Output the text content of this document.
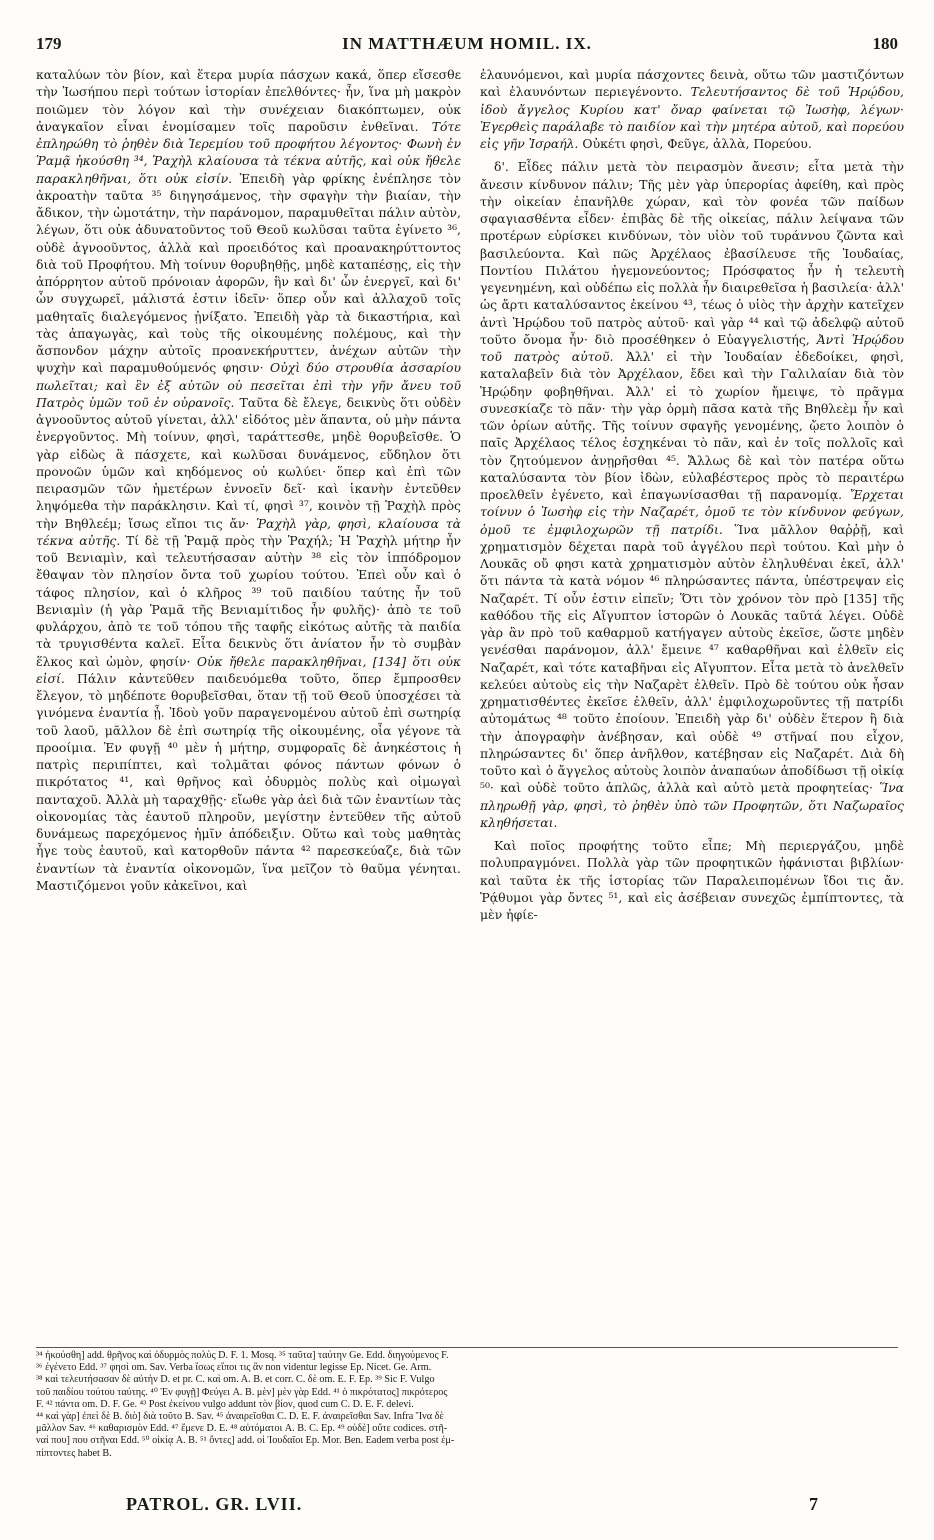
179	IN MATTHÆUM HOMIL. IX.	180

καταλύων τὸν βίον, καὶ ἕτερα μυρία πάσχων κακά, ὅπερ εἴσεσθε τὴν Ἰωσήπου περὶ τούτων ἱστορίαν ἐπελθόντες· ἦν, ἵνα μὴ μακρὸν ποιῶμεν τὸν λόγον καὶ τὴν συνέχειαν διακόπτωμεν, οὐκ ἀναγκαῖον εἶναι ἐνομίσαμεν τοῖς παροῦσιν ἐνθεῖναι. Τότε ἐπληρώθη τὸ ῥηθὲν διὰ Ἱερεμίου τοῦ προφήτου λέγοντος· Φωνὴ ἐν Ῥαμᾷ ἠκούσθη ³⁴, Ῥαχὴλ κλαίουσα τὰ τέκνα αὐτῆς, καὶ οὐκ ἤθελε παρακληθῆναι, ὅτι οὐκ εἰσίν. Ἐπειδὴ γὰρ φρίκης ἐνέπλησε τὸν ἀκροατὴν ταῦτα ³⁵ διηγησάμενος, τὴν σφαγὴν τὴν βιαίαν, τὴν ἄδικον, τὴν ὠμοτάτην, τὴν παράνομον, παραμυθεῖται πάλιν αὐτὸν, λέγων, ὅτι οὐκ ἀδυνατοῦντος τοῦ Θεοῦ κωλῦσαι ταῦτα ἐγίνετο ³⁶, οὐδὲ ἀγνοοῦντος, ἀλλὰ καὶ προειδότος καὶ προανακηρύττοντος διὰ τοῦ Προφήτου. Μὴ τοίνυν θορυβηθῇς, μηδὲ καταπέσῃς, εἰς τὴν ἀπόρρητον αὐτοῦ πρόνοιαν ἀφορῶν, ἣν καὶ δι' ὧν ἐνεργεῖ, καὶ δι' ὧν συγχωρεῖ, μάλιστά ἐστιν ἰδεῖν· ὅπερ οὖν καὶ ἀλλαχοῦ τοῖς μαθηταῖς διαλεγόμενος ᾐνίξατο. Ἐπειδὴ γὰρ τὰ δικαστήρια, καὶ τὰς ἀπαγωγὰς, καὶ τοὺς τῆς οἰκουμένης πολέμους, καὶ τὴν ἄσπονδον μάχην αὐτοῖς προανεκήρυττεν, ἀνέχων αὐτῶν τὴν ψυχὴν καὶ παραμυθούμενός φησιν· Οὐχὶ δύο στρουθία ἀσσαρίου πωλεῖται; καὶ ἓν ἐξ αὐτῶν οὐ πεσεῖται ἐπὶ τὴν γῆν ἄνευ τοῦ Πατρὸς ὑμῶν τοῦ ἐν οὐρανοῖς. Ταῦτα δὲ ἔλεγε, δεικνὺς ὅτι οὐδὲν ἀγνοοῦντος αὐτοῦ γίνεται, ἀλλ' εἰδότος μὲν ἅπαντα, οὐ μὴν πάντα ἐνεργοῦντος. Μὴ τοίνυν, φησὶ, ταράττεσθε, μηδὲ θορυβεῖσθε. Ὁ γὰρ εἰδὼς ἃ πάσχετε, καὶ κωλῦσαι δυνάμενος, εὔδηλον ὅτι προνοῶν ὑμῶν καὶ κηδόμενος οὐ κωλύει· ὅπερ καὶ ἐπὶ τῶν πειρασμῶν τῶν ἡμετέρων ἐννοεῖν δεῖ· καὶ ἱκανὴν ἐντεῦθεν ληψόμεθα τὴν παράκλησιν. Καὶ τί, φησὶ ³⁷, κοινὸν τῇ Ῥαχὴλ πρὸς τὴν Βηθλεέμ; ἴσως εἴποι τις ἄν· Ῥαχὴλ γὰρ, φησὶ, κλαίουσα τὰ τέκνα αὐτῆς. Τί δὲ τῇ Ῥαμᾷ πρὸς τὴν Ῥαχήλ; Ἡ Ῥαχὴλ μήτηρ ἦν τοῦ Βενιαμὶν, καὶ τελευτήσασαν αὐτὴν ³⁸ εἰς τὸν ἱππόδρομον ἔθαψαν τὸν πλησίον ὄντα τοῦ χωρίου τούτου. Ἐπεὶ οὖν καὶ ὁ τάφος πλησίον, καὶ ὁ κλῆρος ³⁹ τοῦ παιδίου ταύτης ἦν τοῦ Βενιαμὶν (ἡ γὰρ Ῥαμᾶ τῆς Βενιαμίτιδος ἦν φυλῆς)· ἀπὸ τε τοῦ φυλάρχου, ἀπὸ τε τοῦ τόπου τῆς ταφῆς εἰκότως αὐτῆς τὰ παιδία τὰ τρυγισθέντα καλεῖ. Εἶτα δεικνὺς ὅτι ἀνίατον ἦν τὸ συμβὰν ἕλκος καὶ ὠμὸν, φησίν· Οὐκ ἤθελε παρακληθῆναι, [134] ὅτι οὐκ εἰσί. Πάλιν κἀντεῦθεν παιδευόμεθα τοῦτο, ὅπερ ἔμπροσθεν ἔλεγον, τὸ μηδέποτε θορυβεῖσθαι, ὅταν τῇ τοῦ Θεοῦ ὑποσχέσει τὰ γινόμενα ἐναντία ᾖ. Ἰδοὺ γοῦν παραγενομένου αὐτοῦ ἐπὶ σωτηρίᾳ τοῦ λαοῦ, μᾶλλον δὲ ἐπὶ σωτηρίᾳ τῆς οἰκουμένης, οἷα γέγονε τὰ προοίμια. Ἐν φυγῇ ⁴⁰ μὲν ἡ μήτηρ, συμφοραῖς δὲ ἀνηκέστοις ἡ πατρὶς περιπίπτει, καὶ τολμᾶται φόνος πάντων φόνων ὁ πικρότατος ⁴¹, καὶ θρῆνος καὶ ὀδυρμὸς πολὺς καὶ οἰμωγαὶ πανταχοῦ. Ἀλλὰ μὴ ταραχθῇς· εἴωθε γὰρ ἀεὶ διὰ τῶν ἐναντίων τὰς οἰκονομίας τὰς ἑαυτοῦ πληροῦν, μεγίστην ἐντεῦθεν τῆς αὐτοῦ δυνάμεως παρεχόμενος ἡμῖν ἀπόδειξιν. Οὕτω καὶ τοὺς μαθητὰς ἦγε τοὺς ἑαυτοῦ, καὶ κατορθοῦν πάντα ⁴² παρεσκεύαζε, διὰ τῶν ἐναντίων τὰ ἐναντία οἰκονομῶν, ἵνα μεῖζον τὸ θαῦμα γένηται. Μαστιζόμενοι γοῦν κἀκεῖνοι, καὶ

ἐλαυνόμενοι, καὶ μυρία πάσχοντες δεινὰ, οὕτω τῶν μαστιζόντων καὶ ἐλαυνόντων περιεγένοντο. Τελευτήσαντος δὲ τοῦ Ἡρῴδου, ἰδοὺ ἄγγελος Κυρίου κατ' ὄναρ φαίνεται τῷ Ἰωσὴφ, λέγων· Ἐγερθεὶς παράλαβε τὸ παιδίον καὶ τὴν μητέρα αὐτοῦ, καὶ πορεύου εἰς γῆν Ἰσραήλ. Οὐκέτι φησὶ, Φεῦγε, ἀλλὰ, Πορεύου.

δ'. Εἶδες πάλιν μετὰ τὸν πειρασμὸν ἄνεσιν; εἶτα μετὰ τὴν ἄνεσιν κίνδυνον πάλιν; Τῆς μὲν γὰρ ὑπερορίας ἀφείθη, καὶ πρὸς τὴν οἰκείαν ἐπανῆλθε χώραν, καὶ τὸν φονέα τῶν παίδων σφαγιασθέντα εἶδεν· ἐπιβὰς δὲ τῆς οἰκείας, πάλιν λείψανα τῶν προτέρων εὑρίσκει κινδύνων, τὸν υἱὸν τοῦ τυράννου ζῶντα καὶ βασιλεύοντα. Καὶ πῶς Ἀρχέλαος ἐβασίλευσε τῆς Ἰουδαίας, Ποντίου Πιλάτου ἡγεμονεύοντος; Πρόσφατος ἦν ἡ τελευτὴ γεγενημένη, καὶ οὐδέπω εἰς πολλὰ ἦν διαιρεθεῖσα ἡ βασιλεία· ἀλλ' ὡς ἄρτι καταλύσαντος ἐκείνου ⁴³, τέως ὁ υἱὸς τὴν ἀρχὴν κατεῖχεν ἀντὶ Ἡρῴδου τοῦ πατρὸς αὐτοῦ· καὶ γὰρ ⁴⁴ καὶ τῷ ἀδελφῷ αὐτοῦ τοῦτο ὄνομα ἦν· διὸ προσέθηκεν ὁ Εὐαγγελιστής, Ἀντὶ Ἡρῴδου τοῦ πατρὸς αὐτοῦ. Ἀλλ' εἰ τὴν Ἰουδαίαν ἐδεδοίκει, φησὶ, καταλαβεῖν διὰ τὸν Ἀρχέλαον, ἔδει καὶ τὴν Γαλιλαίαν διὰ τὸν Ἡρῴδην φοβηθῆναι. Ἀλλ' εἰ τὸ χωρίον ἤμειψε, τὸ πρᾶγμα συνεσκίαζε τὸ πᾶν· τὴν γὰρ ὁρμὴ πᾶσα κατὰ τῆς Βηθλεὲμ ἦν καὶ τῶν ὁρίων αὐτῆς. Τῆς τοίνυν σφαγῆς γενομένης, ᾤετο λοιπὸν ὁ παῖς Ἀρχέλαος τέλος ἐσχηκέναι τὸ πᾶν, καὶ ἐν τοῖς πολλοῖς καὶ τὸν ζητούμενον ἀνῃρῆσθαι ⁴⁵. Ἄλλως δὲ καὶ τὸν πατέρα οὕτω καταλύσαντα τὸν βίον ἰδὼν, εὐλαβέστερος πρὸς τὸ περαιτέρω προελθεῖν ἐγένετο, καὶ ἐπαγωνίσασθαι τῇ παρανομίᾳ. Ἔρχεται τοίνυν ὁ Ἰωσὴφ εἰς τὴν Ναζαρέτ, ὁμοῦ τε τὸν κίνδυνον φεύγων, ὁμοῦ τε ἐμφιλοχωρῶν τῇ πατρίδι. Ἵνα μᾶλλον θαῤῥῇ, καὶ χρηματισμὸν δέχεται παρὰ τοῦ ἀγγέλου περὶ τούτου. Καὶ μὴν ὁ Λουκᾶς οὔ φησι κατὰ χρηματισμὸν αὐτὸν ἐληλυθέναι ἐκεῖ, ἀλλ' ὅτι πάντα τὰ κατὰ νόμον ⁴⁶ πληρώσαντες πάντα, ὑπέστρεψαν εἰς Ναζαρέτ. Τί οὖν ἐστιν εἰπεῖν; Ὅτι τὸν χρόνον τὸν πρὸ [135] τῆς καθόδου τῆς εἰς Αἴγυπτον ἱστορῶν ὁ Λουκᾶς ταῦτά λέγει. Οὐδὲ γὰρ ἂν πρὸ τοῦ καθαρμοῦ κατήγαγεν αὐτοὺς ἐκεῖσε, ὥστε μηδὲν γενέσθαι παράνομον, ἀλλ' ἔμεινε ⁴⁷ καθαρθῆναι καὶ ἐλθεῖν εἰς Ναζαρέτ, καὶ τότε καταβῆναι εἰς Αἴγυπτον. Εἶτα μετὰ τὸ ἀνελθεῖν κελεύει αὐτοὺς εἰς τὴν Ναζαρὲτ ἐλθεῖν. Πρὸ δὲ τούτου οὐκ ἦσαν χρηματισθέντες ἐκεῖσε ἐλθεῖν, ἀλλ' ἐμφιλοχωροῦντες τῇ πατρίδι αὐτομάτως ⁴⁸ τοῦτο ἐποίουν. Ἐπειδὴ γὰρ δι' οὐδὲν ἕτερον ἢ διὰ τὴν ἀπογραφὴν ἀνέβησαν, καὶ οὐδὲ ⁴⁹ στῆναί που εἶχον, πληρώσαντες δι' ὅπερ ἀνῆλθον, κατέβησαν εἰς Ναζαρέτ. Διὰ δὴ τοῦτο καὶ ὁ ἄγγελος αὐτοὺς λοιπὸν ἀναπαύων ἀποδίδωσι τῇ οἰκίᾳ ⁵⁰· καὶ οὐδὲ τοῦτο ἁπλῶς, ἀλλὰ καὶ αὐτὸ μετὰ προφητείας· Ἵνα πληρωθῇ γὰρ, φησὶ, τὸ ῥηθὲν ὑπὸ τῶν Προφητῶν, ὅτι Ναζωραῖος κληθήσεται.

Καὶ ποῖος προφήτης τοῦτο εἶπε; Μὴ περιεργάζου, μηδὲ πολυπραγμόνει. Πολλὰ γὰρ τῶν προφητικῶν ἠφάνισται βιβλίων· καὶ ταῦτα ἐκ τῆς ἱστορίας τῶν Παραλειπομένων ἴδοι τις ἄν. Ῥᾴθυμοι γὰρ ὄντες ⁵¹, καὶ εἰς ἀσέβειαν συνεχῶς ἐμπίπτοντες, τὰ μὲν ἠφίε-

³⁴ ἠκούσθη] add. θρῆνος καὶ ὀδυρμὸς πολὺς D. F. 1. Mosq. ³⁵ ταῦτα] ταύτην Ge. Edd. διηγούμενος F.

³⁶ ἐγένετο Edd. ³⁷ φησὶ om. Sav. Verba ἴσως εἴποι τις ἂν non videntur legisse Ep. Nicet. Ge. Arm.

³⁸ καὶ τελευτήσασαν δὲ αὐτὴν D. et pr. C. καὶ om. A. B. et corr. C. δὲ om. E. F. Ep. ³⁹ Sic F. Vulgo

τοῦ παιδίου τούτου ταύτης. ⁴⁰ Ἐν φυγῇ] Φεύγει A. B. μὲν] μὲν γὰρ Edd. ⁴¹ ὁ πικρότατος] πικρότερος

F. ⁴² πάντα om. D. F. Ge. ⁴³ Post ἐκείνου vulgo addunt τὸν βίον, quod cum C. D. E. F. delevi.

⁴⁴ καὶ γὰρ] ἐπεὶ δὲ B. διὸ] διὰ τοῦτο B. Sav. ⁴⁵ ἀναιρεῖσθαι C. D. E. F. ἀναιρεῖσθαι Sav. Infra Ἵνα δὲ

μᾶλλον Sav. ⁴⁶ καθαρισμὸν Edd. ⁴⁷ ἔμενε D. E. ⁴⁸ αὐτόματοι A. B. C. Ep. ⁴⁹ οὐδὲ] οὔτε codices. στῆ-

ναί που] που στῆναι Edd. ⁵⁰ οἰκίᾳ A. B. ⁵¹ ὄντες] add. οἱ Ἰουδαῖοι Ep. Mor. Ben. Eadem verba post ἐμ-

πίπτοντες habet B.

PATROL. GR. LVII.	7
